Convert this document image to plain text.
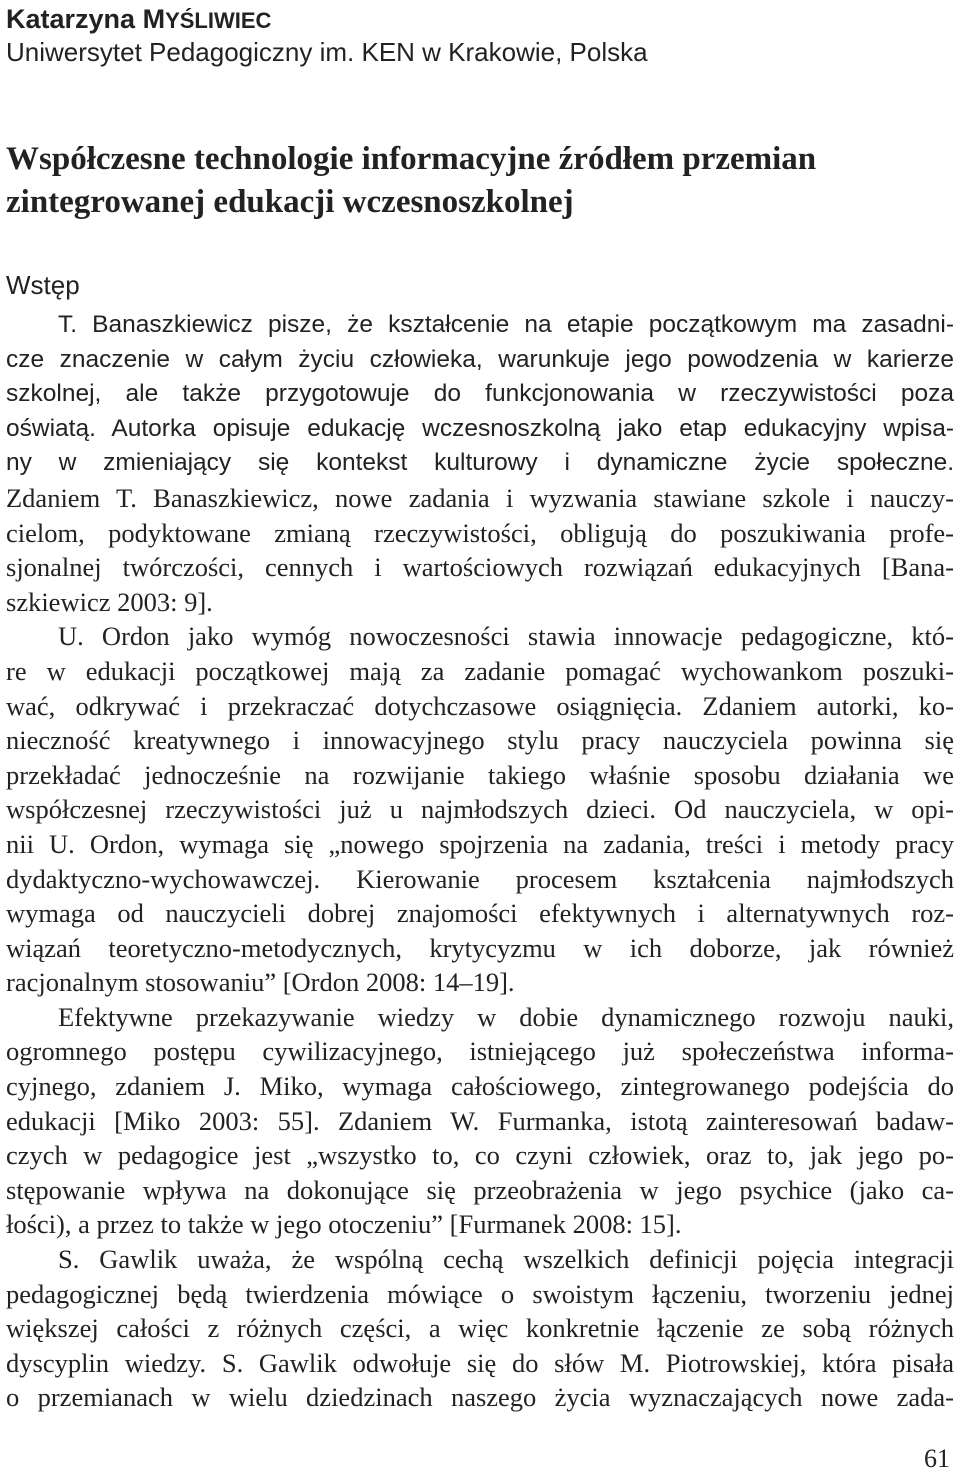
Katarzyna MYŚLIWIEC
Uniwersytet Pedagogiczny im. KEN w Krakowie, Polska
Współczesne technologie informacyjne źródłem przemian
zintegrowanej edukacji wczesnoszkolnej
Wstęp
T. Banaszkiewicz pisze, że kształcenie na etapie początkowym ma zasadni-
cze znaczenie w całym życiu człowieka, warunkuje jego powodzenia w karierze
szkolnej, ale także przygotowuje do funkcjonowania w rzeczywistości poza
oświatą. Autorka opisuje edukację wczesnoszkolną jako etap edukacyjny wpisa-
ny w zmieniający się kontekst kulturowy i dynamiczne życie społeczne.
Zdaniem T. Banaszkiewicz, nowe zadania i wyzwania stawiane szkole i nauczy-
cielom, podyktowane zmianą rzeczywistości, obligują do poszukiwania profe-
sjonalnej twórczości, cennych i wartościowych rozwiązań edukacyjnych [Bana-
szkiewicz 2003: 9].
U. Ordon jako wymóg nowoczesności stawia innowacje pedagogiczne, któ-
re w edukacji początkowej mają za zadanie pomagać wychowankom poszuki-
wać, odkrywać i przekraczać dotychczasowe osiągnięcia. Zdaniem autorki, ko-
nieczność kreatywnego i innowacyjnego stylu pracy nauczyciela powinna się
przekładać jednocześnie na rozwijanie takiego właśnie sposobu działania we
współczesnej rzeczywistości już u najmłodszych dzieci. Od nauczyciela, w opi-
nii U. Ordon, wymaga się „nowego spojrzenia na zadania, treści i metody pracy
dydaktyczno-wychowawczej. Kierowanie procesem kształcenia najmłodszych
wymaga od nauczycieli dobrej znajomości efektywnych i alternatywnych roz-
wiązań teoretyczno-metodycznych, krytycyzmu w ich doborze, jak również
racjonalnym stosowaniu” [Ordon 2008: 14–19].
Efektywne przekazywanie wiedzy w dobie dynamicznego rozwoju nauki,
ogromnego postępu cywilizacyjnego, istniejącego już społeczeństwa informa-
cyjnego, zdaniem J. Miko, wymaga całościowego, zintegrowanego podejścia do
edukacji [Miko 2003: 55]. Zdaniem W. Furmanka, istotą zainteresowań badaw-
czych w pedagogice jest „wszystko to, co czyni człowiek, oraz to, jak jego po-
stępowanie wpływa na dokonujące się przeobrażenia w jego psychice (jako ca-
łości), a przez to także w jego otoczeniu” [Furmanek 2008: 15].
S. Gawlik uważa, że wspólną cechą wszelkich definicji pojęcia integracji
pedagogicznej będą twierdzenia mówiące o swoistym łączeniu, tworzeniu jednej
większej całości z różnych części, a więc konkretnie łączenie ze sobą różnych
dyscyplin wiedzy. S. Gawlik odwołuje się do słów M. Piotrowskiej, która pisała
o przemianach w wielu dziedzinach naszego życia wyznaczających nowe zada-
61
